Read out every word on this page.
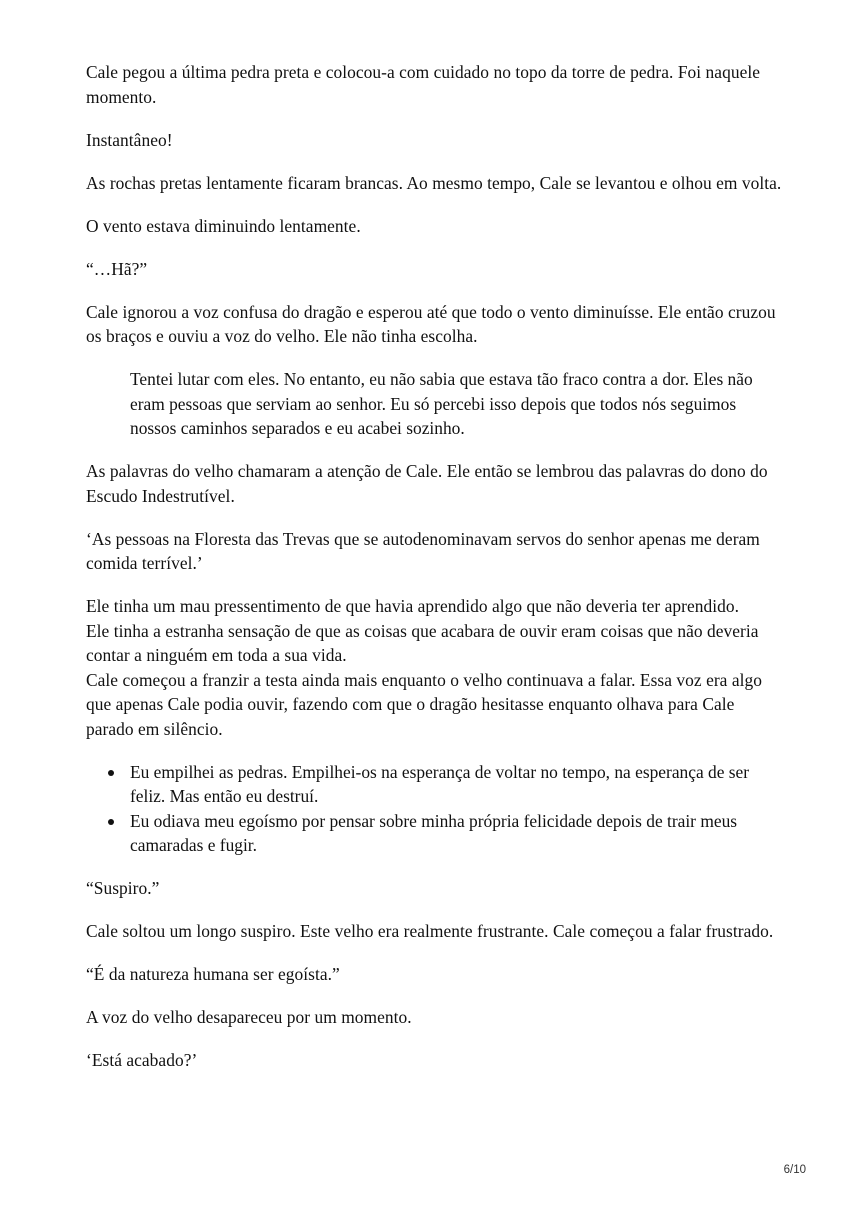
Cale pegou a última pedra preta e colocou-a com cuidado no topo da torre de pedra. Foi naquele momento.

Instantâneo!

As rochas pretas lentamente ficaram brancas. Ao mesmo tempo, Cale se levantou e olhou em volta.

O vento estava diminuindo lentamente.

“…Hã?”

Cale ignorou a voz confusa do dragão e esperou até que todo o vento diminuísse. Ele então cruzou os braços e ouviu a voz do velho. Ele não tinha escolha.

Tentei lutar com eles. No entanto, eu não sabia que estava tão fraco contra a dor. Eles não eram pessoas que serviam ao senhor. Eu só percebi isso depois que todos nós seguimos nossos caminhos separados e eu acabei sozinho.

As palavras do velho chamaram a atenção de Cale. Ele então se lembrou das palavras do dono do Escudo Indestrutível.

‘As pessoas na Floresta das Trevas que se autodenominavam servos do senhor apenas me deram comida terrível.’

Ele tinha um mau pressentimento de que havia aprendido algo que não deveria ter aprendido.
Ele tinha a estranha sensação de que as coisas que acabara de ouvir eram coisas que não deveria contar a ninguém em toda a sua vida.
Cale começou a franzir a testa ainda mais enquanto o velho continuava a falar. Essa voz era algo que apenas Cale podia ouvir, fazendo com que o dragão hesitasse enquanto olhava para Cale parado em silêncio.
Eu empilhei as pedras. Empilhei-os na esperança de voltar no tempo, na esperança de ser feliz. Mas então eu destruí.
Eu odiava meu egoísmo por pensar sobre minha própria felicidade depois de trair meus camaradas e fugir.

“Suspiro.”

Cale soltou um longo suspiro. Este velho era realmente frustrante. Cale começou a falar frustrado.

“É da natureza humana ser egoísta.”

A voz do velho desapareceu por um momento.

‘Está acabado?’

6/10
